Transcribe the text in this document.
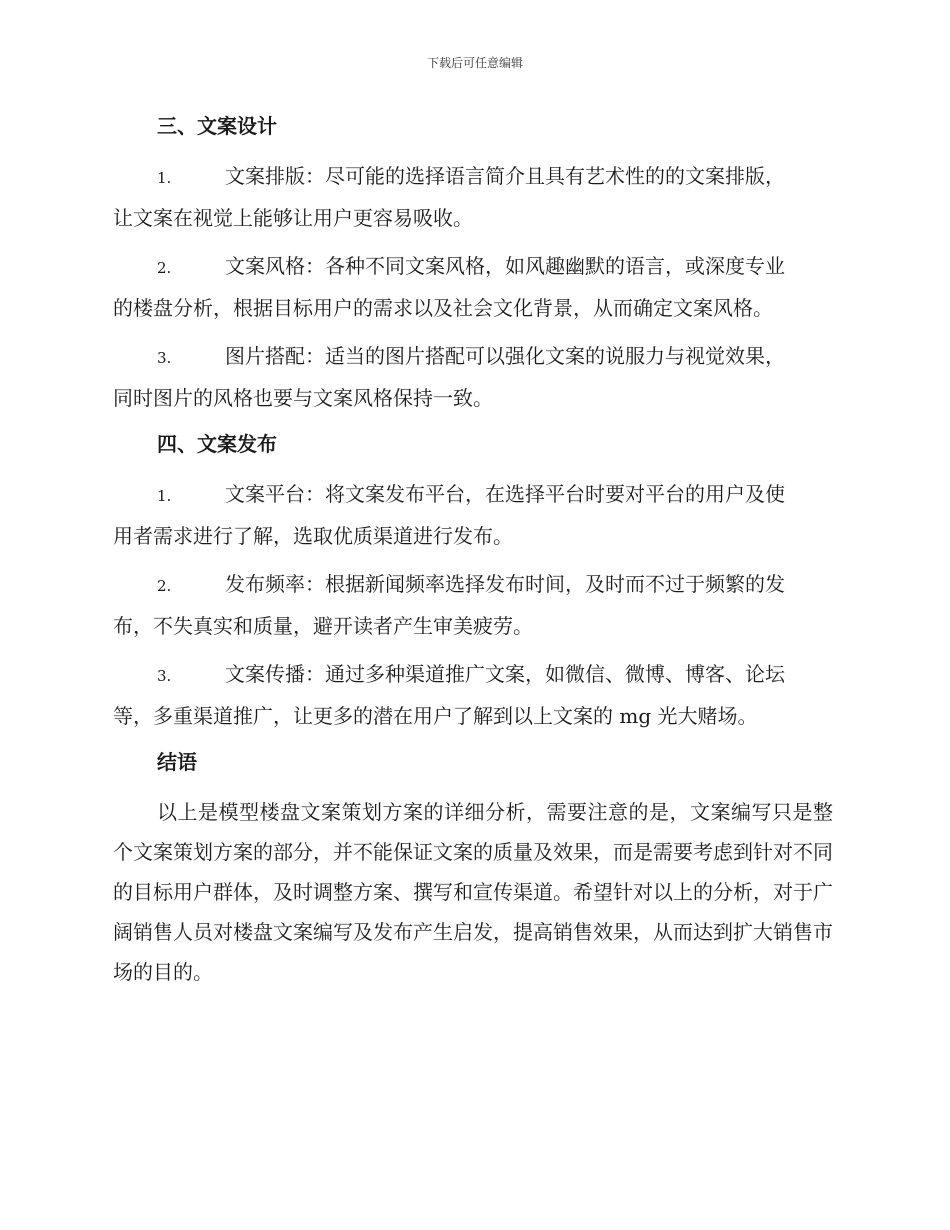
下载后可任意编辑
三、文案设计
1.	文案排版：尽可能的选择语言简介且具有艺术性的的文案排版，
让文案在视觉上能够让用户更容易吸收。
2.	文案风格：各种不同文案风格，如风趣幽默的语言，或深度专业
的楼盘分析，根据目标用户的需求以及社会文化背景，从而确定文案风格。
3.	图片搭配：适当的图片搭配可以强化文案的说服力与视觉效果，
同时图片的风格也要与文案风格保持一致。
四、文案发布
1.	文案平台：将文案发布平台，在选择平台时要对平台的用户及使
用者需求进行了解，选取优质渠道进行发布。
2.	发布频率：根据新闻频率选择发布时间，及时而不过于频繁的发
布，不失真实和质量，避开读者产生审美疲劳。
3.	文案传播：通过多种渠道推广文案，如微信、微博、博客、论坛
等，多重渠道推广，让更多的潜在用户了解到以上文案的 mg 光大赌场。
结语

以上是模型楼盘文案策划方案的详细分析，需要注意的是，文案编写只是整个文案策划方案的部分，并不能保证文案的质量及效果，而是需要考虑到针对不同的目标用户群体，及时调整方案、撰写和宣传渠道。希望针对以上的分析，对于广阔销售人员对楼盘文案编写及发布产生启发，提高销售效果，从而达到扩大销售市场的目的。
